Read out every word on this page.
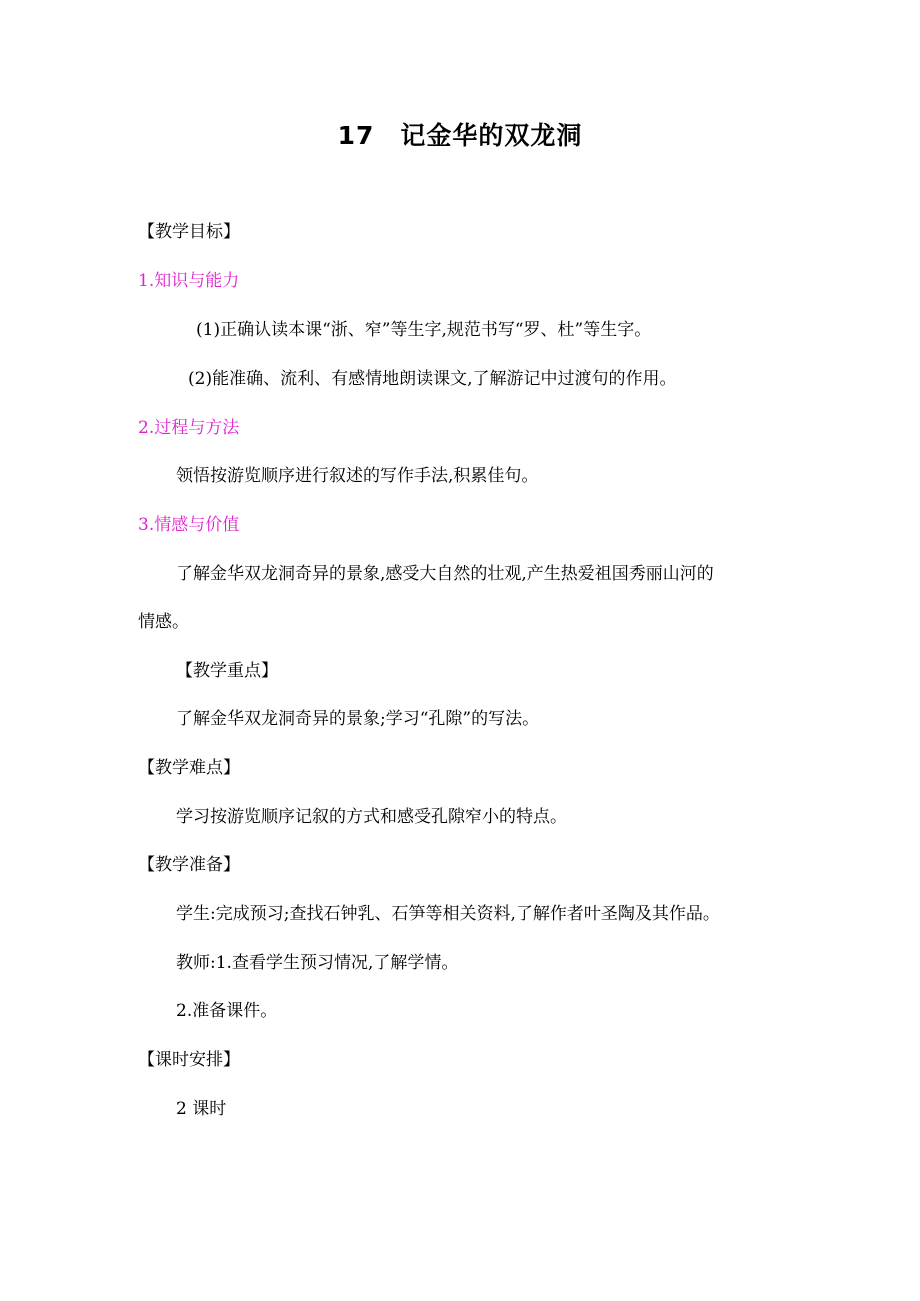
17　记金华的双龙洞
【教学目标】
1.知识与能力
(1)正确认读本课“浙、窄”等生字,规范书写“罗、杜”等生字。
(2)能准确、流利、有感情地朗读课文,了解游记中过渡句的作用。
2.过程与方法
领悟按游览顺序进行叙述的写作手法,积累佳句。
3.情感与价值
了解金华双龙洞奇异的景象,感受大自然的壮观,产生热爱祖国秀丽山河的
情感。
【教学重点】
了解金华双龙洞奇异的景象;学习“孔隙”的写法。
【教学难点】
学习按游览顺序记叙的方式和感受孔隙窄小的特点。
【教学准备】
学生:完成预习;查找石钟乳、石笋等相关资料,了解作者叶圣陶及其作品。
教师:1.查看学生预习情况,了解学情。
2.准备课件。
【课时安排】
2 课时
